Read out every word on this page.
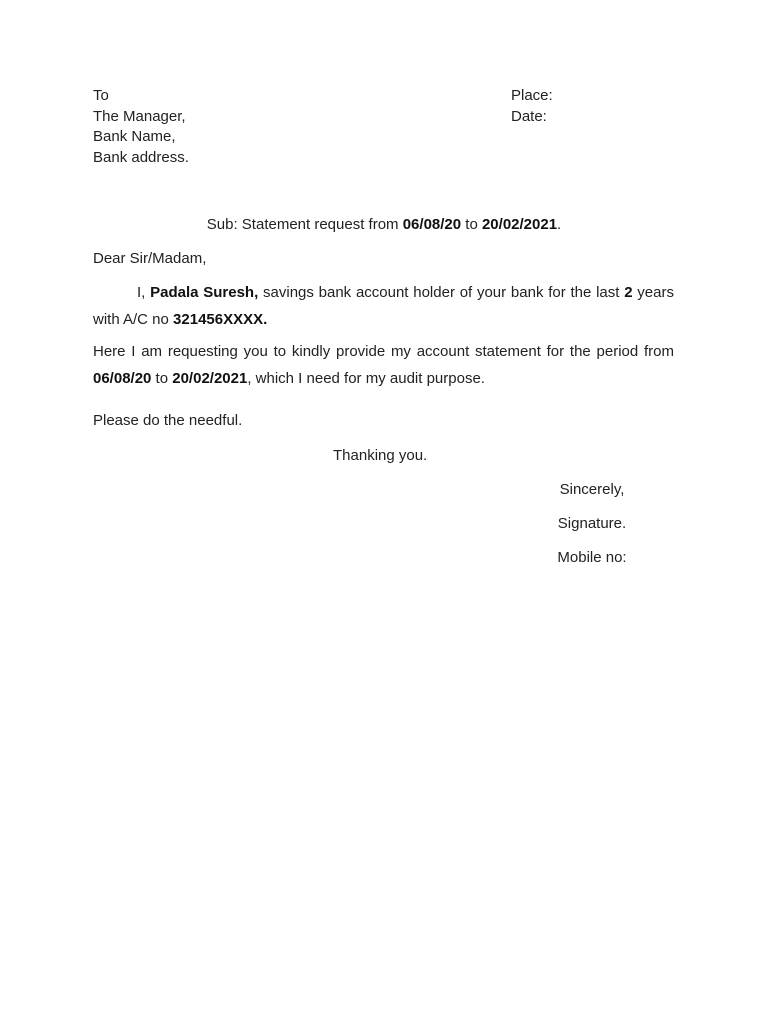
To
The Manager,
Bank Name,
Bank address.
Place:
Date:
Sub: Statement request from 06/08/20 to 20/02/2021.
Dear Sir/Madam,
I, Padala Suresh, savings bank account holder of your bank for the last 2 years with A/C no 321456XXXX.
Here I am requesting you to kindly provide my account statement for the period from 06/08/20 to 20/02/2021, which I need for my audit purpose.
Please do the needful.
Thanking you.
Sincerely,
Signature.
Mobile no:
